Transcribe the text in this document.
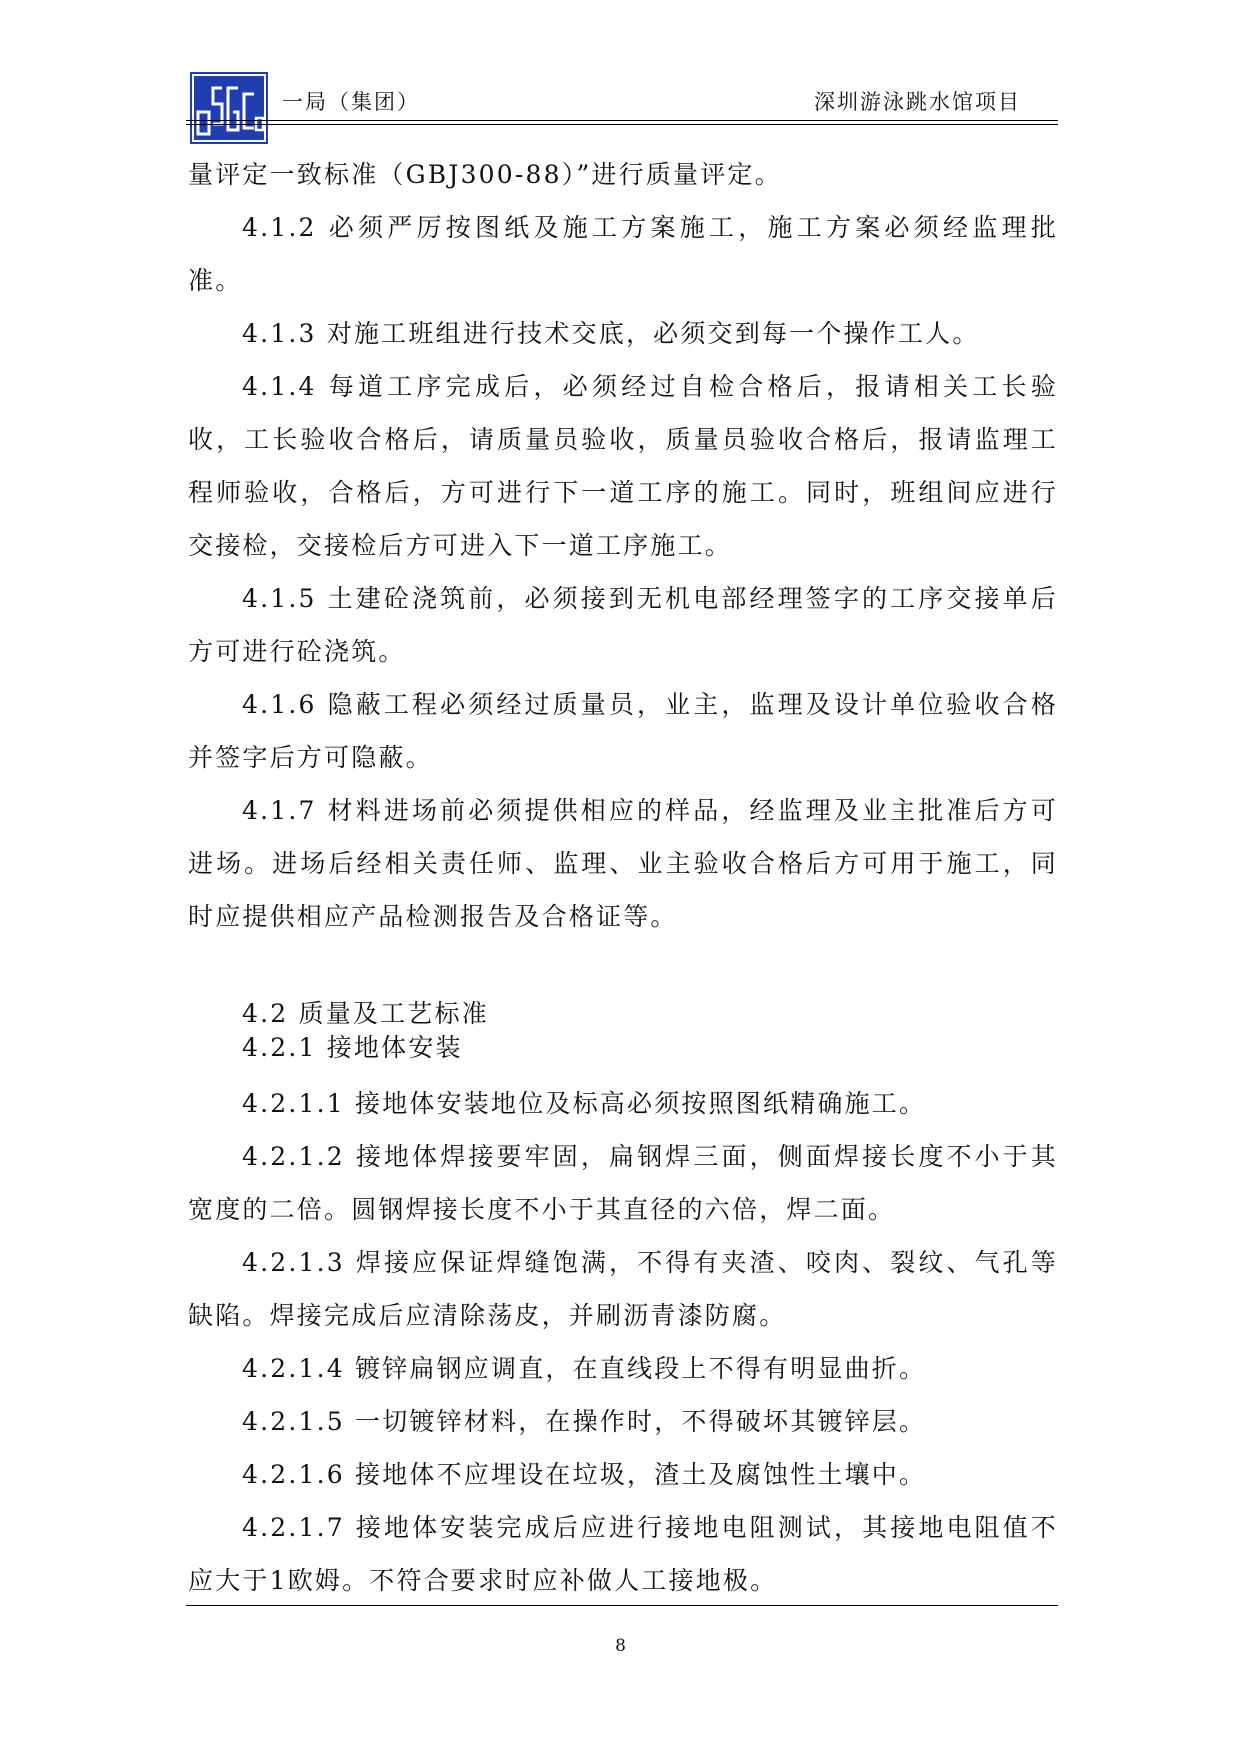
一局（集团）	深圳游泳跳水馆项目

量评定一致标准（GBJ300-88）”进行质量评定。

4.1.2 必须严厉按图纸及施工方案施工，施工方案必须经监理批准。

4.1.3 对施工班组进行技术交底，必须交到每一个操作工人。

4.1.4 每道工序完成后，必须经过自检合格后，报请相关工长验收，工长验收合格后，请质量员验收，质量员验收合格后，报请监理工程师验收，合格后，方可进行下一道工序的施工。同时，班组间应进行交接检，交接检后方可进入下一道工序施工。

4.1.5 土建砼浇筑前，必须接到无机电部经理签字的工序交接单后方可进行砼浇筑。

4.1.6 隐蔽工程必须经过质量员，业主，监理及设计单位验收合格并签字后方可隐蔽。

4.1.7 材料进场前必须提供相应的样品，经监理及业主批准后方可进场。进场后经相关责任师、监理、业主验收合格后方可用于施工，同时应提供相应产品检测报告及合格证等。

4.2 质量及工艺标准

4.2.1 接地体安装

4.2.1.1 接地体安装地位及标高必须按照图纸精确施工。

4.2.1.2 接地体焊接要牢固，扁钢焊三面，侧面焊接长度不小于其宽度的二倍。圆钢焊接长度不小于其直径的六倍，焊二面。

4.2.1.3 焊接应保证焊缝饱满，不得有夹渣、咬肉、裂纹、气孔等缺陷。焊接完成后应清除荡皮，并刷沥青漆防腐。

4.2.1.4 镀锌扁钢应调直，在直线段上不得有明显曲折。

4.2.1.5 一切镀锌材料，在操作时，不得破坏其镀锌层。

4.2.1.6 接地体不应埋设在垃圾，渣土及腐蚀性土壤中。

4.2.1.7 接地体安装完成后应进行接地电阻测试，其接地电阻值不应大于1欧姆。不符合要求时应补做人工接地极。

8
